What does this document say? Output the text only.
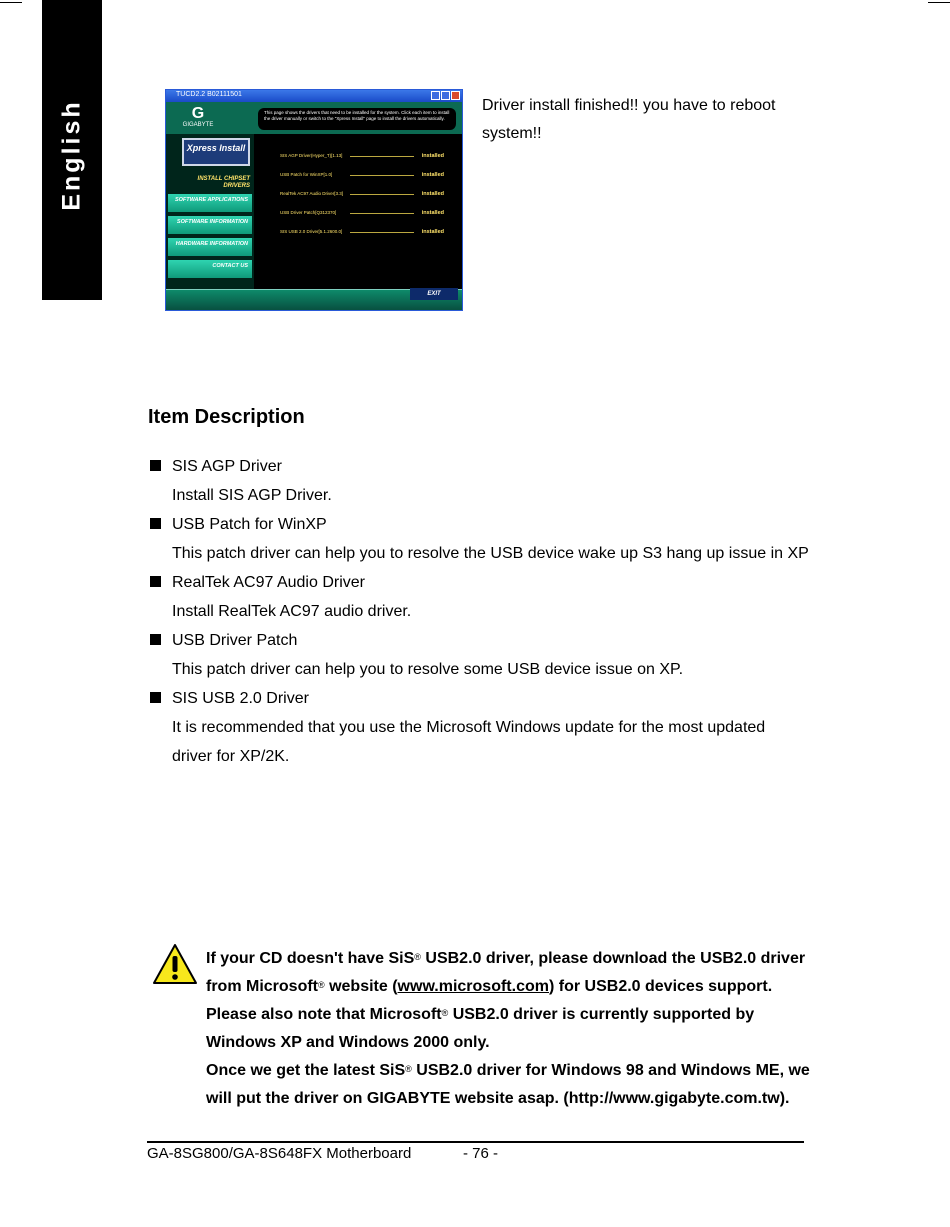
English
TUCD2.2 B02111501
G
GIGABYTE
This page shows the drivers that need to be installed for the system. Click each item to install the driver manually or switch to the "Xpress Install" page to install the drivers automatically.
Xpress Install
INSTALL CHIPSET DRIVERS
SOFTWARE APPLICATIONS
SOFTWARE INFORMATION
HARDWARE INFORMATION
CONTACT US
SIS AGP Driver(Hyper_T)[1.13]	installed
USB Patch for WinXP[1.0]	installed
RealTek AC97 Audio Driver[3.3]	installed
USB Driver Patch[Q312370]	installed
SIS USB 2.0 Driver[5.1.2600.0]	installed
EXIT
Driver install finished!! you have to reboot system!!
Item Description
SIS AGP Driver
Install SIS AGP Driver.
USB Patch for WinXP
This patch driver can help you to resolve the USB device wake up S3 hang up issue in XP
RealTek AC97 Audio Driver
Install RealTek AC97 audio driver.
USB Driver Patch
This patch driver can help you to resolve some USB device issue on XP.
SIS USB 2.0 Driver
It is recommended that you use the Microsoft Windows update for the most updated driver for XP/2K.
If your CD doesn't have SiS® USB2.0 driver, please download the USB2.0 driver from Microsoft® website (www.microsoft.com) for USB2.0 devices support.
Please also note that Microsoft® USB2.0 driver is currently supported by Windows XP and Windows 2000 only.
Once we get the latest SiS® USB2.0 driver for Windows 98 and Windows ME, we will put the driver on GIGABYTE website asap. (http://www.gigabyte.com.tw).
GA-8SG800/GA-8S648FX Motherboard	- 76 -
